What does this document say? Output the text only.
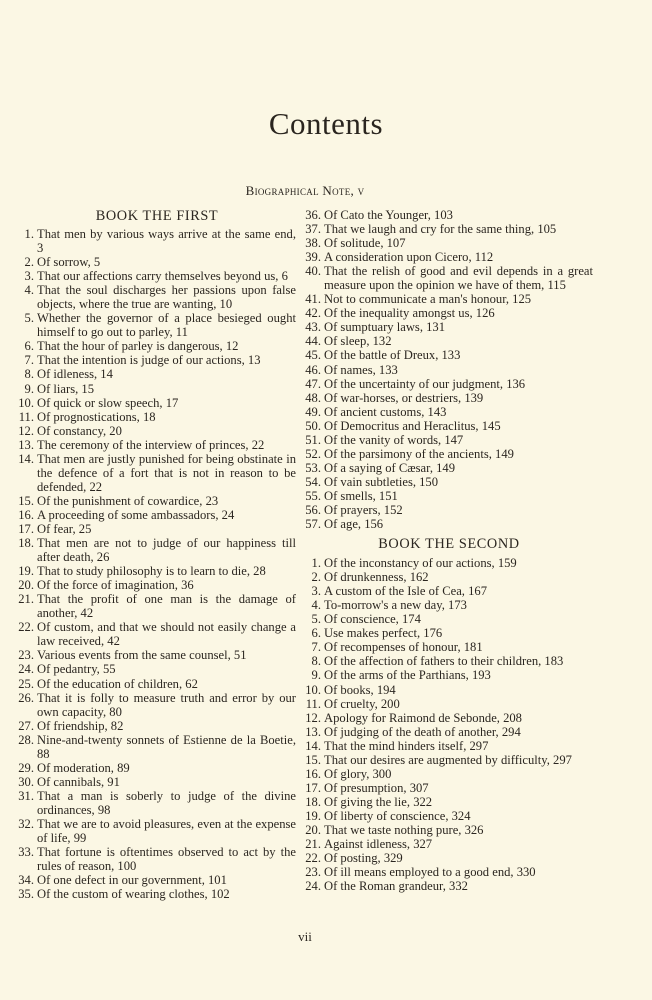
Contents
Biographical Note, v
BOOK THE FIRST
1. That men by various ways arrive at the same end, 3
2. Of sorrow, 5
3. That our affections carry themselves beyond us, 6
4. That the soul discharges her passions upon false objects, where the true are wanting, 10
5. Whether the governor of a place besieged ought himself to go out to parley, 11
6. That the hour of parley is dangerous, 12
7. That the intention is judge of our actions, 13
8. Of idleness, 14
9. Of liars, 15
10. Of quick or slow speech, 17
11. Of prognostications, 18
12. Of constancy, 20
13. The ceremony of the interview of princes, 22
14. That men are justly punished for being obstinate in the defence of a fort that is not in reason to be defended, 22
15. Of the punishment of cowardice, 23
16. A proceeding of some ambassadors, 24
17. Of fear, 25
18. That men are not to judge of our happiness till after death, 26
19. That to study philosophy is to learn to die, 28
20. Of the force of imagination, 36
21. That the profit of one man is the damage of another, 42
22. Of custom, and that we should not easily change a law received, 42
23. Various events from the same counsel, 51
24. Of pedantry, 55
25. Of the education of children, 62
26. That it is folly to measure truth and error by our own capacity, 80
27. Of friendship, 82
28. Nine-and-twenty sonnets of Estienne de la Boetie, 88
29. Of moderation, 89
30. Of cannibals, 91
31. That a man is soberly to judge of the divine ordinances, 98
32. That we are to avoid pleasures, even at the expense of life, 99
33. That fortune is oftentimes observed to act by the rules of reason, 100
34. Of one defect in our government, 101
35. Of the custom of wearing clothes, 102
36. Of Cato the Younger, 103
37. That we laugh and cry for the same thing, 105
38. Of solitude, 107
39. A consideration upon Cicero, 112
40. That the relish of good and evil depends in a great measure upon the opinion we have of them, 115
41. Not to communicate a man's honour, 125
42. Of the inequality amongst us, 126
43. Of sumptuary laws, 131
44. Of sleep, 132
45. Of the battle of Dreux, 133
46. Of names, 133
47. Of the uncertainty of our judgment, 136
48. Of war-horses, or destriers, 139
49. Of ancient customs, 143
50. Of Democritus and Heraclitus, 145
51. Of the vanity of words, 147
52. Of the parsimony of the ancients, 149
53. Of a saying of Cæsar, 149
54. Of vain subtleties, 150
55. Of smells, 151
56. Of prayers, 152
57. Of age, 156
BOOK THE SECOND
1. Of the inconstancy of our actions, 159
2. Of drunkenness, 162
3. A custom of the Isle of Cea, 167
4. To-morrow's a new day, 173
5. Of conscience, 174
6. Use makes perfect, 176
7. Of recompenses of honour, 181
8. Of the affection of fathers to their children, 183
9. Of the arms of the Parthians, 193
10. Of books, 194
11. Of cruelty, 200
12. Apology for Raimond de Sebonde, 208
13. Of judging of the death of another, 294
14. That the mind hinders itself, 297
15. That our desires are augmented by difficulty, 297
16. Of glory, 300
17. Of presumption, 307
18. Of giving the lie, 322
19. Of liberty of conscience, 324
20. That we taste nothing pure, 326
21. Against idleness, 327
22. Of posting, 329
23. Of ill means employed to a good end, 330
24. Of the Roman grandeur, 332
vii
